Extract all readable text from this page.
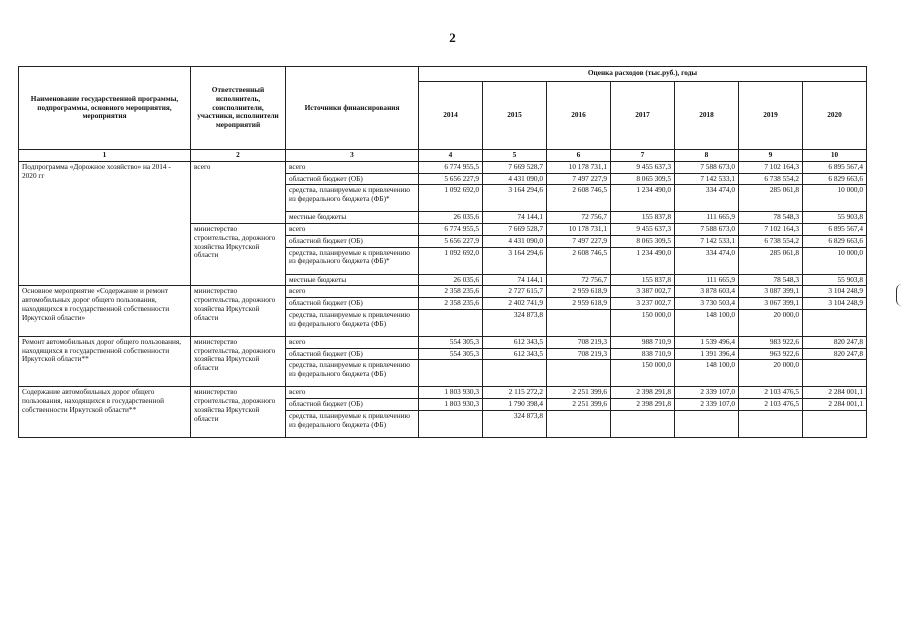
2
Наименование государственной программы, подпрограммы, основного мероприятия, мероприятия	Ответственный исполнитель, соисполнители, участники, исполнители мероприятий	Источники финансирования	Оценка расходов (тыс.руб.), годы						
			2014	2015	2016	2017	2018	2019	2020
1	2	3	4	5	6	7	8	9	10
Подпрограмма «Дорожное хозяйство» на 2014 - 2020 гг	всего	всего	6 774 955,5	7 669 528,7	10 178 731,1	9 455 637,3	7 588 673,0	7 102 164,3	6 895 567,4
		областной бюджет (ОБ)	5 656 227,9	4 431 090,0	7 497 227,9	8 065 309,5	7 142 533,1	6 738 554,2	6 829 663,6
		средства, планируемые к привлечению из федерального бюджета (ФБ)*	1 092 692,0	3 164 294,6	2 608 746,5	1 234 490,0	334 474,0	285 061,8	10 000,0
		местные бюджеты	26 035,6	74 144,1	72 756,7	155 837,8	111 665,9	78 548,3	55 903,8
	министерство строительства, дорожного хозяйства Иркутской области	всего	6 774 955,5	7 669 528,7	10 178 731,1	9 455 637,3	7 588 673,0	7 102 164,3	6 895 567,4
		областной бюджет (ОБ)	5 656 227,9	4 431 090,0	7 497 227,9	8 065 309,5	7 142 533,1	6 738 554,2	6 829 663,6
		средства, планируемые к привлечению из федерального бюджета (ФБ)*	1 092 692,0	3 164 294,6	2 608 746,5	1 234 490,0	334 474,0	285 061,8	10 000,0
		местные бюджеты	26 035,6	74 144,1	72 756,7	155 837,8	111 665,9	78 548,3	55 903,8
Основное мероприятие «Содержание и ремонт автомобильных дорог общего пользования, находящихся в государственной собственности Иркутской области»	министерство строительства, дорожного хозяйства Иркутской области	всего	2 358 235,6	2 727 615,7	2 959 618,9	3 387 002,7	3 878 603,4	3 087 399,1	3 104 248,9
		областной бюджет (ОБ)	2 358 235,6	2 402 741,9	2 959 618,9	3 237 002,7	3 730 503,4	3 067 399,1	3 104 248,9
		средства, планируемые к привлечению из федерального бюджета (ФБ)		324 873,8		150 000,0	148 100,0	20 000,0	
Ремонт автомобильных дорог общего пользования, находящихся в государственной собственности Иркутской области**	министерство строительства, дорожного хозяйства Иркутской области	всего	554 305,3	612 343,5	708 219,3	988 710,9	1 539 496,4	983 922,6	820 247,8
		областной бюджет (ОБ)	554 305,3	612 343,5	708 219,3	838 710,9	1 391 396,4	963 922,6	820 247,8
		средства, планируемые к привлечению из федерального бюджета (ФБ)				150 000,0	148 100,0	20 000,0	
Содержание автомобильных дорог общего пользования, находящихся в государственной собственности Иркутской области**	министерство строительства, дорожного хозяйства Иркутской области	всего	1 803 930,3	2 115 272,2	2 251 399,6	2 398 291,8	2 339 107,0	2 103 476,5	2 284 001,1
		областной бюджет (ОБ)	1 803 930,3	1 790 398,4	2 251 399,6	2 398 291,8	2 339 107,0	2 103 476,5	2 284 001,1
		средства, планируемые к привлечению из федерального бюджета (ФБ)		324 873,8					
